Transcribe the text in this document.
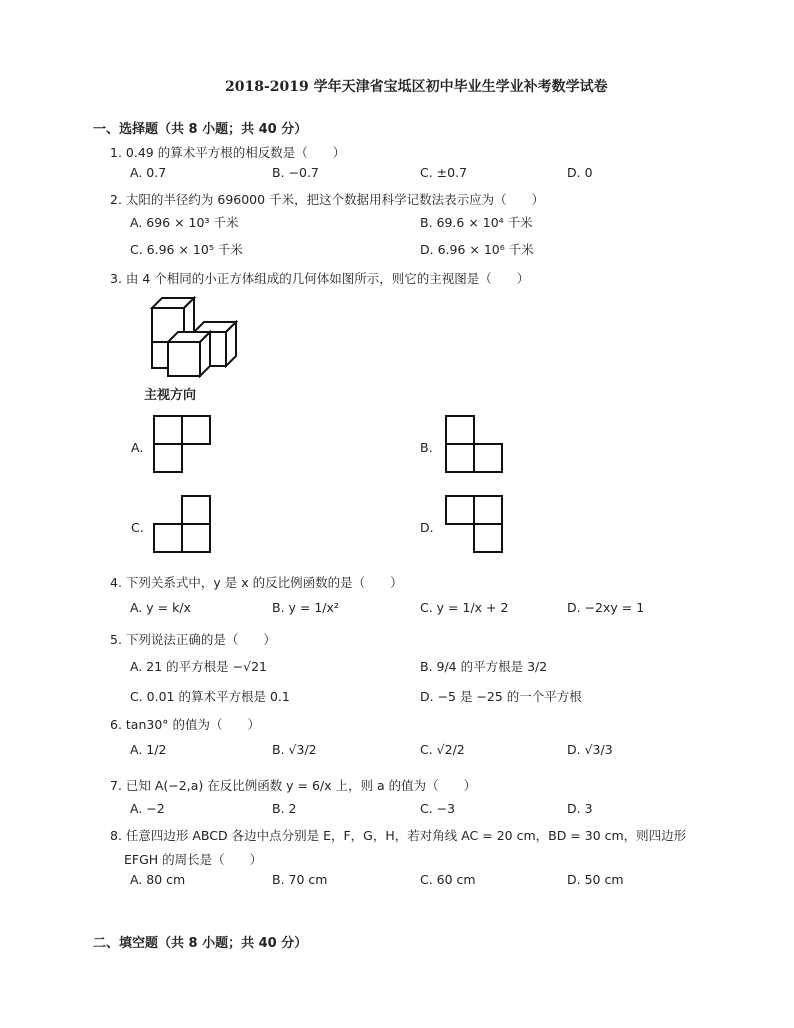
2018-2019 学年天津省宝坻区初中毕业生学业补考数学试卷
一、选择题（共 8 小题；共 40 分）
1. 0.49 的算术平方根的相反数是（　　）
A. 0.7	B. −0.7	C. ±0.7	D. 0
2. 太阳的半径约为 696000 千米，把这个数据用科学记数法表示应为（　　）
A. 696 × 10³ 千米	B. 69.6 × 10⁴ 千米
C. 6.96 × 10⁵ 千米	D. 6.96 × 10⁶ 千米
3. 由 4 个相同的小正方体组成的几何体如图所示，则它的主视图是（　　）
主视方向
A.	B.
C.	D.
4. 下列关系式中，y 是 x 的反比例函数的是（　　）
A. y = k/x	B. y = 1/x²	C. y = 1/x + 2	D. −2xy = 1
5. 下列说法正确的是（　　）
A. 21 的平方根是 −√21	B. 9/4 的平方根是 3/2
C. 0.01 的算术平方根是 0.1	D. −5 是 −25 的一个平方根
6. tan30° 的值为（　　）
A. 1/2	B. √3/2	C. √2/2	D. √3/3
7. 已知 A(−2,a) 在反比例函数 y = 6/x 上，则 a 的值为（　　）
A. −2	B. 2	C. −3	D. 3
8. 任意四边形 ABCD 各边中点分别是 E，F，G，H，若对角线 AC = 20 cm，BD = 30 cm，则四边形
EFGH 的周长是（　　）
A. 80 cm	B. 70 cm	C. 60 cm	D. 50 cm
二、填空题（共 8 小题；共 40 分）
